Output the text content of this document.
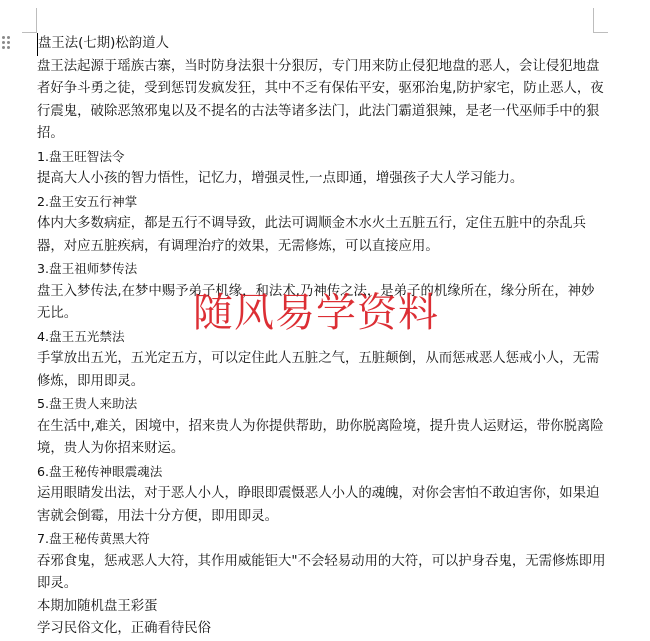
盘王法(七期)松韵道人

盘王法起源于瑶族古寨，当时防身法狠十分狠厉，专门用来防止侵犯地盘的恶人，会让侵犯地盘者好争斗勇之徒，受到惩罚发疯发狂，其中不乏有保佑平安，驱邪治鬼,防护家宅，防止恶人，夜行震鬼，破除恶煞邪鬼以及不提名的古法等诸多法门，此法门霸道狠辣，是老一代巫师手中的狠招。

1.盘王旺智法令

提高大人小孩的智力悟性，记忆力，增强灵性,一点即通，增强孩子大人学习能力。

2.盘王安五行神掌

体内大多数病症，都是五行不调导致，此法可调顺金木水火土五脏五行，定住五脏中的杂乱兵器，对应五脏疾病，有调理治疗的效果，无需修炼，可以直接应用。

3.盘王祖师梦传法

盘王入梦传法,在梦中赐予弟子机缘，和法术,乃神传之法，是弟子的机缘所在，缘分所在，神妙无比。

4.盘王五光禁法

手掌放出五光，五光定五方，可以定住此人五脏之气，五脏颠倒，从而惩戒恶人惩戒小人，无需修炼，即用即灵。

5.盘王贵人来助法

在生活中,难关，困境中，招来贵人为你提供帮助，助你脱离险境，提升贵人运财运，带你脱离险境，贵人为你招来财运。

6.盘王秘传神眼震魂法

运用眼睛发出法，对于恶人小人，睁眼即震慑恶人小人的魂魄，对你会害怕不敢迫害你，如果迫害就会倒霉，用法十分方便，即用即灵。

7.盘王秘传黄黑大符

吞邪食鬼，惩戒恶人大符，其作用威能钜大"不会轻易动用的大符，可以护身吞鬼，无需修炼即用即灵。

本期加随机盘王彩蛋

学习民俗文化，正确看待民俗

随风易学资料
